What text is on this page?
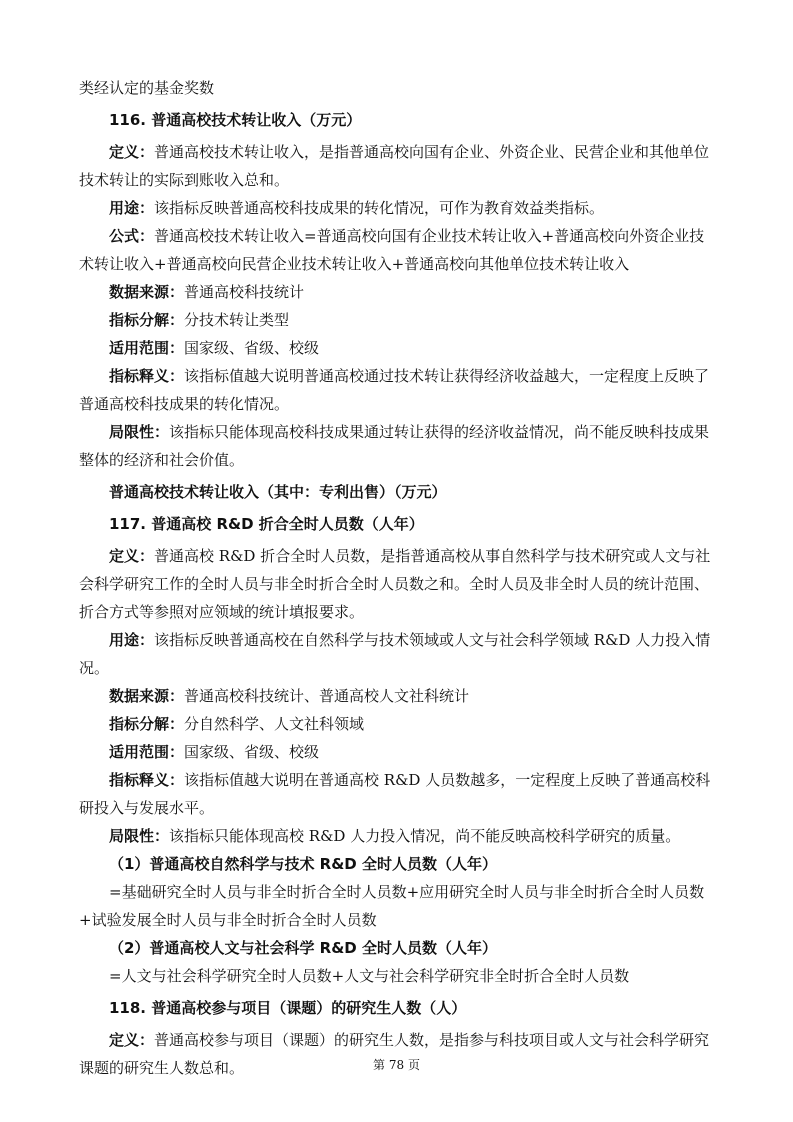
类经认定的基金奖数

116. 普通高校技术转让收入（万元）

定义：普通高校技术转让收入，是指普通高校向国有企业、外资企业、民营企业和其他单位技术转让的实际到账收入总和。

用途：该指标反映普通高校科技成果的转化情况，可作为教育效益类指标。

公式：普通高校技术转让收入=普通高校向国有企业技术转让收入+普通高校向外资企业技术转让收入+普通高校向民营企业技术转让收入+普通高校向其他单位技术转让收入

数据来源：普通高校科技统计

指标分解：分技术转让类型

适用范围：国家级、省级、校级

指标释义：该指标值越大说明普通高校通过技术转让获得经济收益越大，一定程度上反映了普通高校科技成果的转化情况。

局限性：该指标只能体现高校科技成果通过转让获得的经济收益情况，尚不能反映科技成果整体的经济和社会价值。

普通高校技术转让收入（其中：专利出售）（万元）

117. 普通高校 R&D 折合全时人员数（人年）

定义：普通高校 R&D 折合全时人员数，是指普通高校从事自然科学与技术研究或人文与社会科学研究工作的全时人员与非全时折合全时人员数之和。全时人员及非全时人员的统计范围、折合方式等参照对应领域的统计填报要求。

用途：该指标反映普通高校在自然科学与技术领域或人文与社会科学领域 R&D 人力投入情况。

数据来源：普通高校科技统计、普通高校人文社科统计

指标分解：分自然科学、人文社科领域

适用范围：国家级、省级、校级

指标释义：该指标值越大说明在普通高校 R&D 人员数越多，一定程度上反映了普通高校科研投入与发展水平。

局限性：该指标只能体现高校 R&D 人力投入情况，尚不能反映高校科学研究的质量。

（1）普通高校自然科学与技术 R&D 全时人员数（人年）

=基础研究全时人员与非全时折合全时人员数+应用研究全时人员与非全时折合全时人员数+试验发展全时人员与非全时折合全时人员数

（2）普通高校人文与社会科学 R&D 全时人员数（人年）

=人文与社会科学研究全时人员数+人文与社会科学研究非全时折合全时人员数

118. 普通高校参与项目（课题）的研究生人数（人）

定义：普通高校参与项目（课题）的研究生人数，是指参与科技项目或人文与社会科学研究课题的研究生人数总和。	第 78 页
